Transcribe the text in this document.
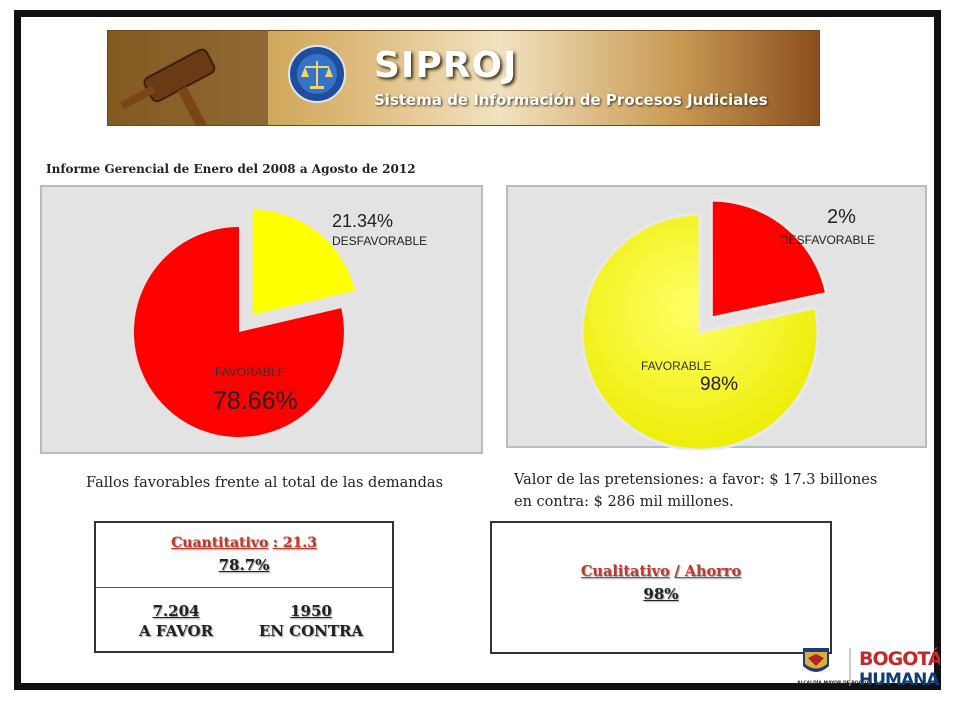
SIPROJ
Sistema de Información de Procesos Judiciales
Informe Gerencial de Enero del 2008 a Agosto de 2012
21.34%
DESFAVORABLE
FAVORABLE
78.66%
2%
DESFAVORABLE
FAVORABLE
98%
Fallos favorables frente al total de las demandas	Valor de las pretensiones: a favor: $ 17.3 billones
en contra: $ 286 mil millones.
Cuantitativo : 21.3
78.7%
7.204
A FAVOR
1950
EN CONTRA
Cualitativo / Ahorro
98%
ALCALDÍA MAYOR DE BOGOTÁ D.C.
BOGOTÁ
HUMANA
